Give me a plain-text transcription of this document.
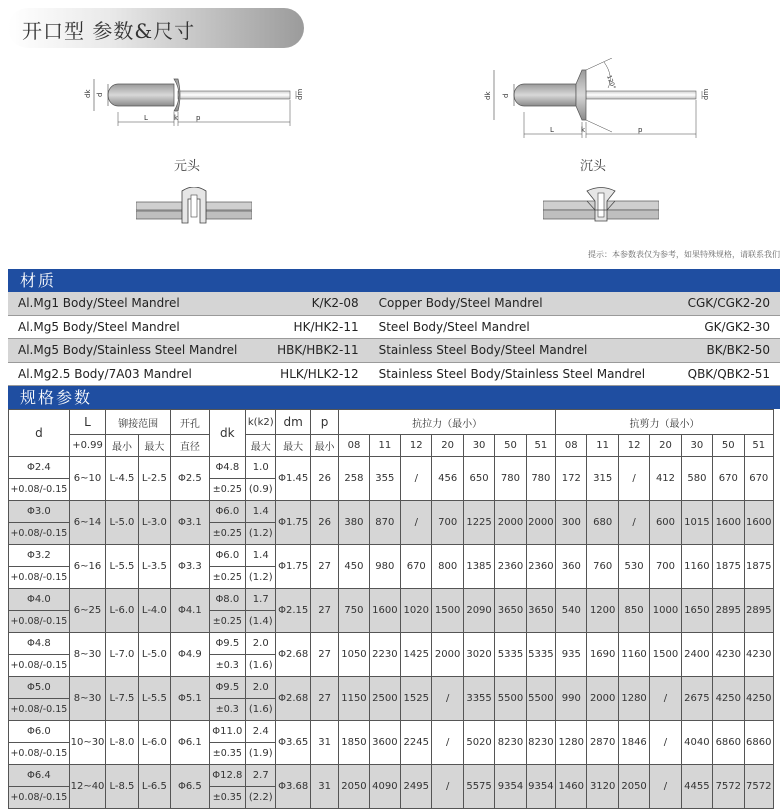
开口型 参数&尺寸
dk d	dm
L	k	p
元头
dk d	dm
120°
L	k	p
沉头
提示：本参数表仅为参考，如果特殊规格，请联系我们
材质
Al.Mg1 Body/Steel Mandrel	K/K2-08	Copper Body/Steel Mandrel	CGK/CGK2-20
Al.Mg5 Body/Steel Mandrel	HK/HK2-11	Steel Body/Steel Mandrel	GK/GK2-30
Al.Mg5 Body/Stainless Steel Mandrel	HBK/HBK2-11	Stainless Steel Body/Steel Mandrel	BK/BK2-50
Al.Mg2.5 Body/7A03 Mandrel	HLK/HLK2-12	Stainless Steel Body/Stainless Steel Mandrel	QBK/QBK2-51
规格参数
d	L	铆接范围		开孔	dk	k(k2)	dm	p	抗拉力（最小）							抗剪力（最小）						
	+0.99	最小	最大	直径		最大	最大	最小	08	11	12	20	30	50	51	08	11	12	20	30	50	51
Φ2.4	6~10	L-4.5	L-2.5	Φ2.5	Φ4.8	1.0	Φ1.45	26	258	355	/	456	650	780	780	172	315	/	412	580	670	670
+0.08/-0.15					±0.25	(0.9)																
Φ3.0	6~14	L-5.0	L-3.0	Φ3.1	Φ6.0	1.4	Φ1.75	26	380	870	/	700	1225	2000	2000	300	680	/	600	1015	1600	1600
+0.08/-0.15					±0.25	(1.2)																
Φ3.2	6~16	L-5.5	L-3.5	Φ3.3	Φ6.0	1.4	Φ1.75	27	450	980	670	800	1385	2360	2360	360	760	530	700	1160	1875	1875
+0.08/-0.15					±0.25	(1.2)																
Φ4.0	6~25	L-6.0	L-4.0	Φ4.1	Φ8.0	1.7	Φ2.15	27	750	1600	1020	1500	2090	3650	3650	540	1200	850	1000	1650	2895	2895
+0.08/-0.15					±0.25	(1.4)																
Φ4.8	8~30	L-7.0	L-5.0	Φ4.9	Φ9.5	2.0	Φ2.68	27	1050	2230	1425	2000	3020	5335	5335	935	1690	1160	1500	2400	4230	4230
+0.08/-0.15					±0.3	(1.6)																
Φ5.0	8~30	L-7.5	L-5.5	Φ5.1	Φ9.5	2.0	Φ2.68	27	1150	2500	1525	/	3355	5500	5500	990	2000	1280	/	2675	4250	4250
+0.08/-0.15					±0.3	(1.6)																
Φ6.0	10~30	L-8.0	L-6.0	Φ6.1	Φ11.0	2.4	Φ3.65	31	1850	3600	2245	/	5020	8230	8230	1280	2870	1846	/	4040	6860	6860
+0.08/-0.15					±0.35	(1.9)																
Φ6.4	12~40	L-8.5	L-6.5	Φ6.5	Φ12.8	2.7	Φ3.68	31	2050	4090	2495	/	5575	9354	9354	1460	3120	2050	/	4455	7572	7572
+0.08/-0.15					±0.35	(2.2)																
